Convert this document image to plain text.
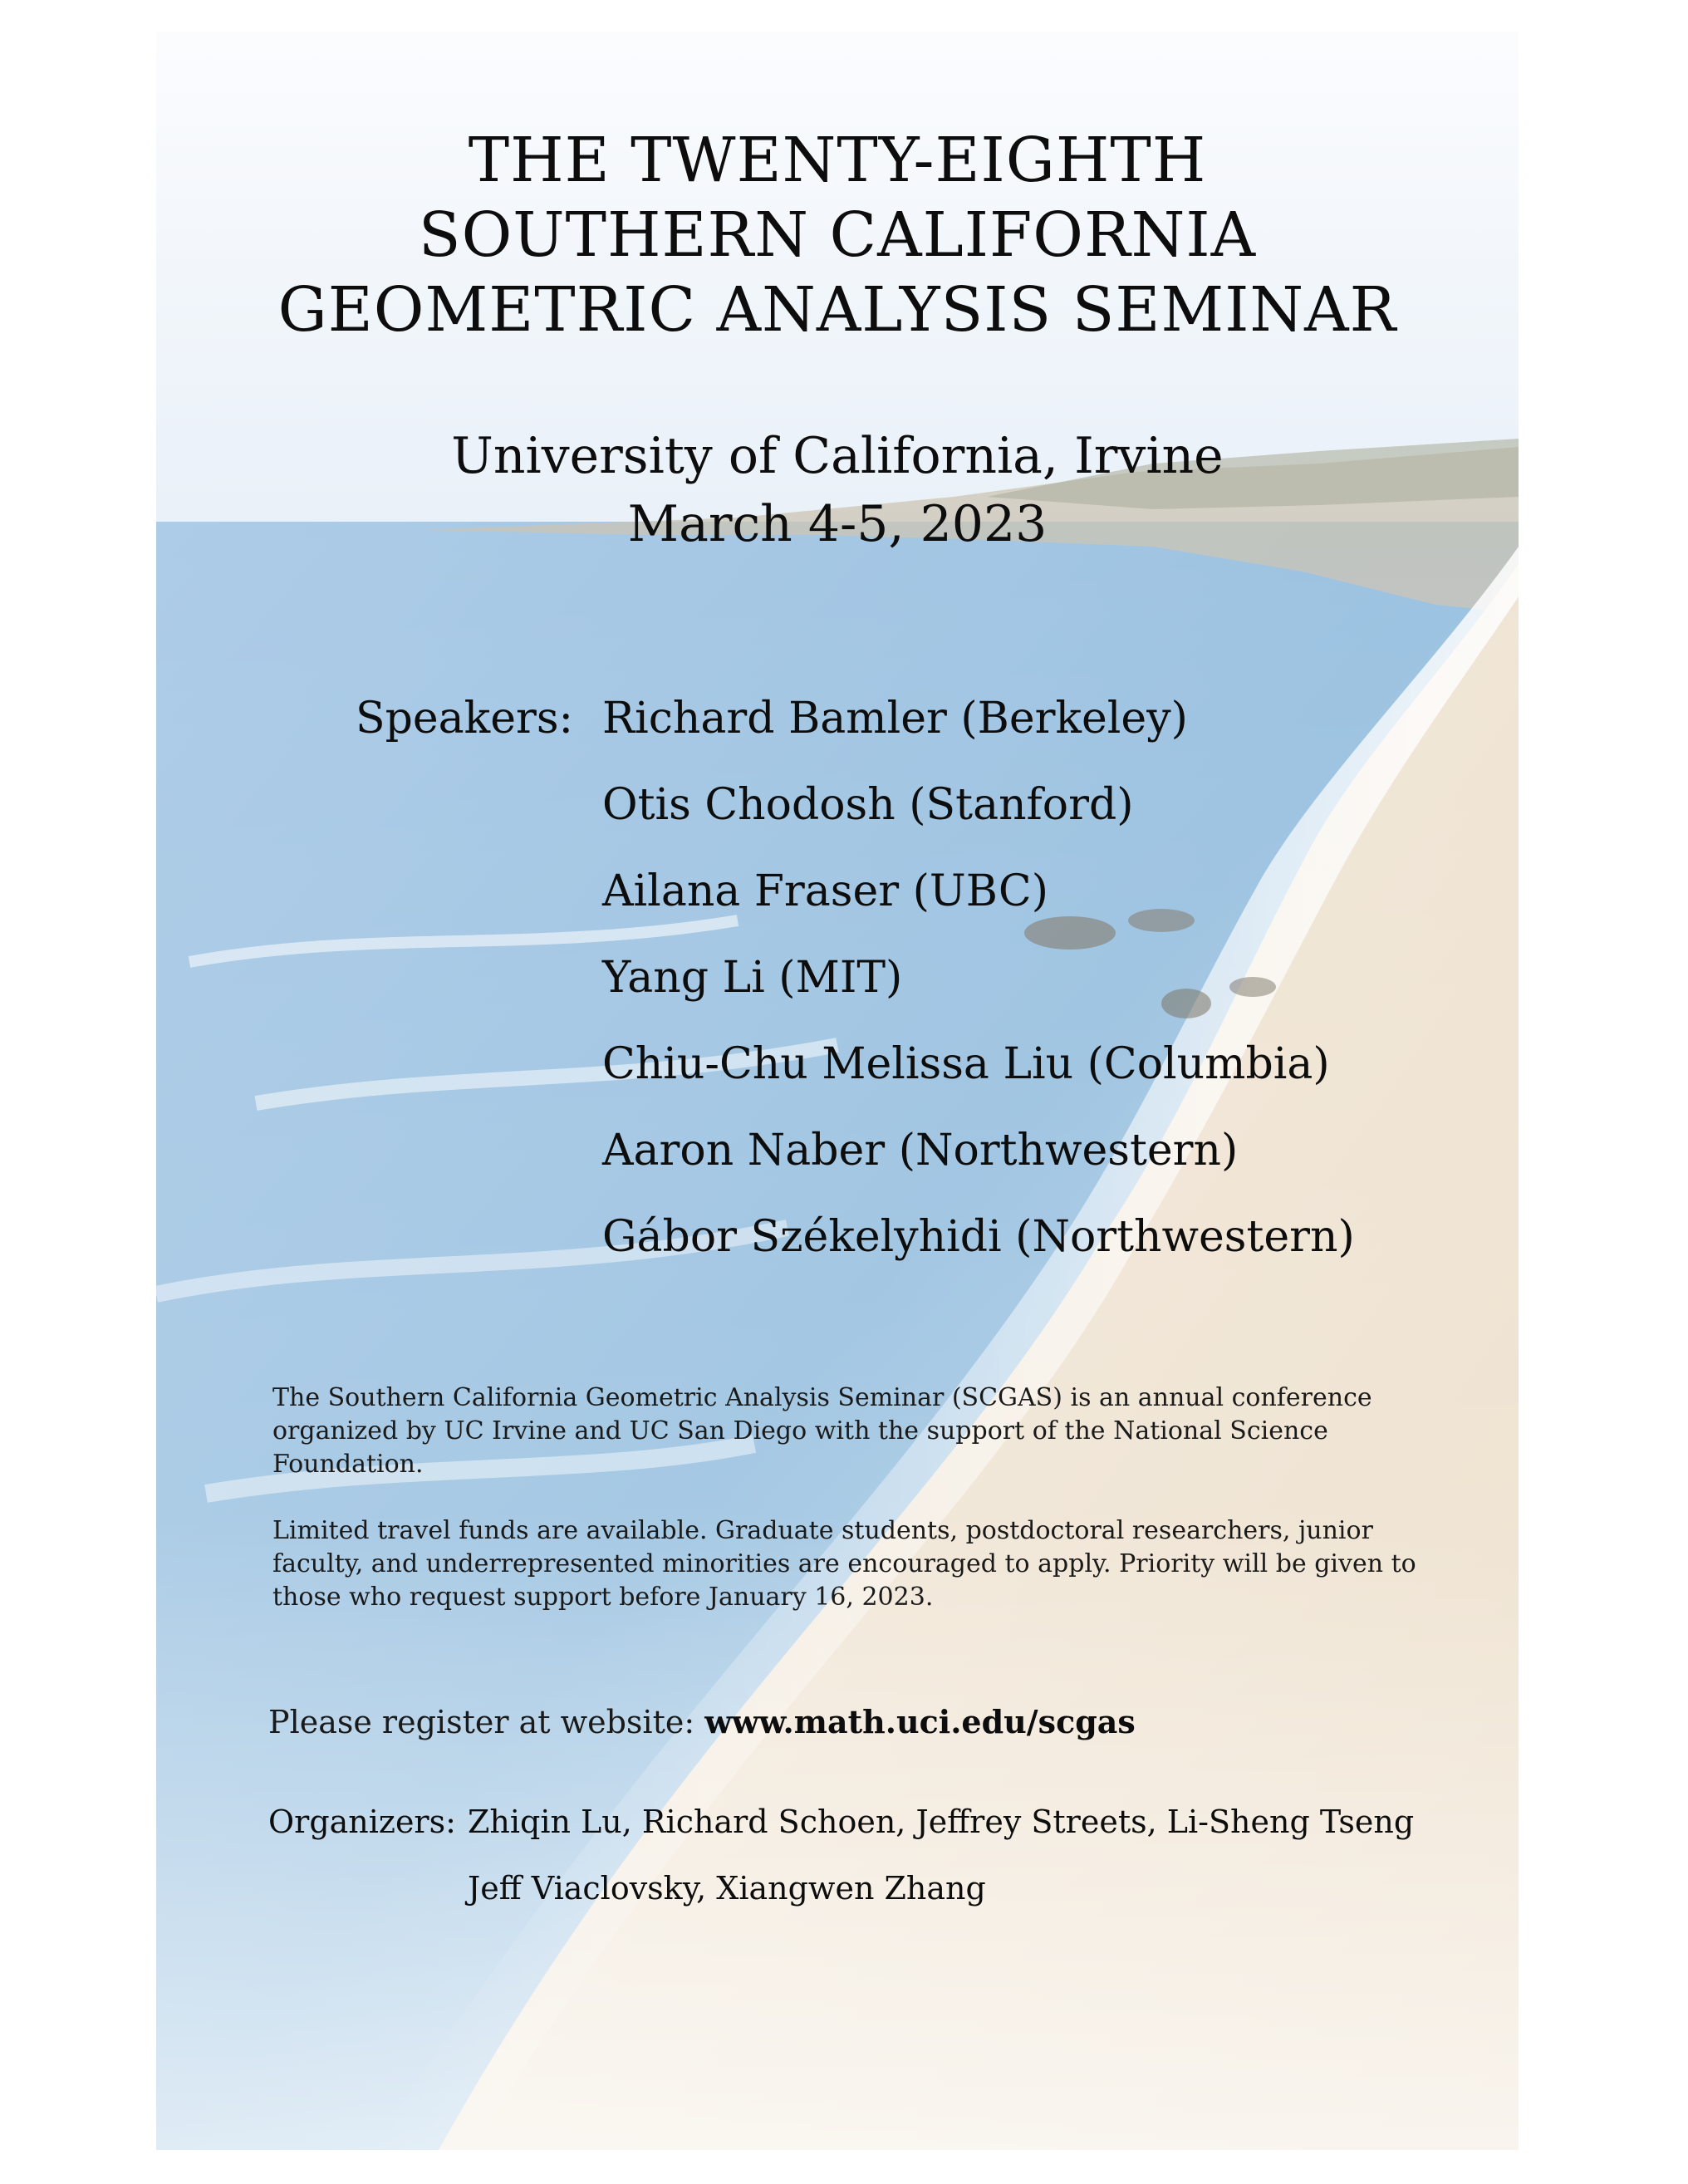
THE TWENTY-EIGHTH
SOUTHERN CALIFORNIA
GEOMETRIC ANALYSIS SEMINAR
University of California, Irvine
March 4-5, 2023
Speakers: Richard Bamler (Berkeley)
Otis Chodosh (Stanford)
Ailana Fraser (UBC)
Yang Li (MIT)
Chiu-Chu Melissa Liu (Columbia)
Aaron Naber (Northwestern)
Gábor Székelyhidi (Northwestern)

The Southern California Geometric Analysis Seminar (SCGAS) is an annual conference organized by UC Irvine and UC San Diego with the support of the National Science Foundation.

Limited travel funds are available. Graduate students, postdoctoral researchers, junior faculty, and underrepresented minorities are encouraged to apply. Priority will be given to those who request support before January 16, 2023.

Please register at website: www.math.uci.edu/scgas
Organizers: Zhiqin Lu, Richard Schoen, Jeffrey Streets, Li-Sheng Tseng
Jeff Viaclovsky, Xiangwen Zhang
